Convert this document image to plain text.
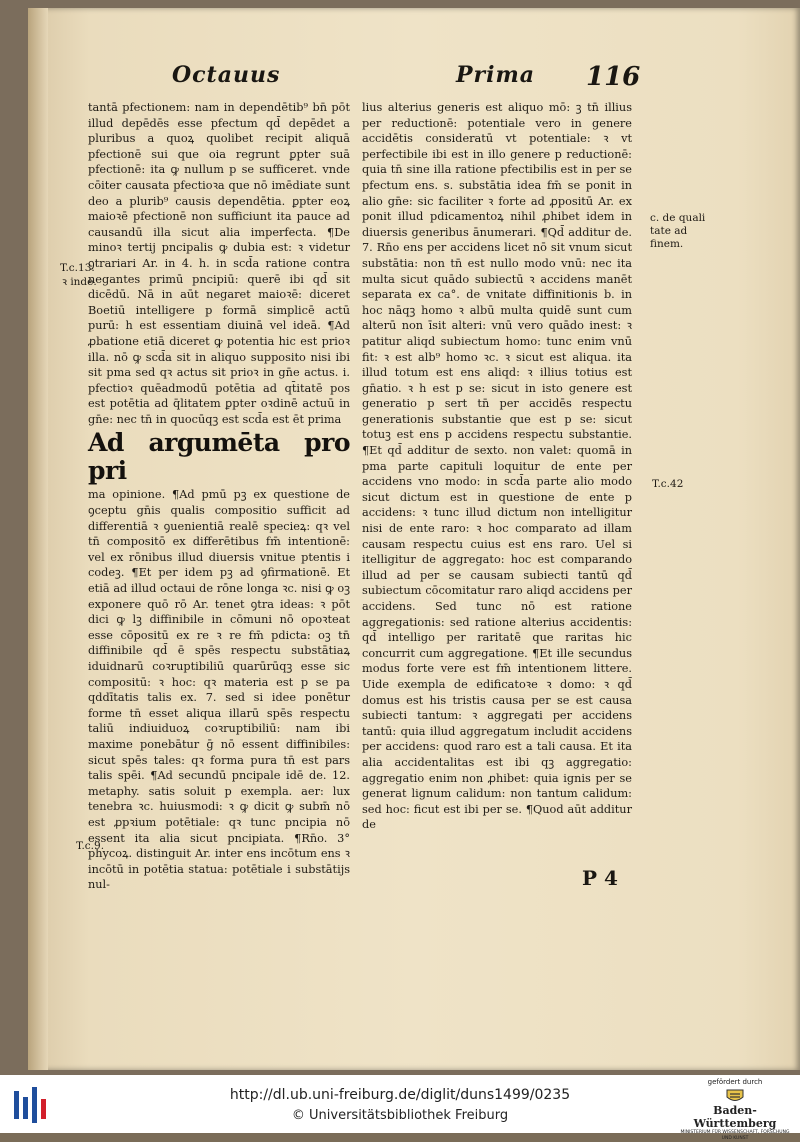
Octauus	Prima 116

tantā pfectionem: nam in dependētib⁹ bn̄ pōt illud depēdēs esse pfectum qd̄ depēdet a pluribus a quoꝝ quolibet recipit aliquā pfectionē sui que oia regrunt ꝑpter suā pfectionē: ita ꝙ nullum p se sufficeret. vnde cōiter causata pfectioꝛa que nō imēdiate sunt deo a plurib⁹ causis dependētia. ꝑpter eoꝝ maioꝛē pfectionē non sufficiunt ita pauce ad causandū illa sicut alia imperfecta. ¶De minoꝛ tertij pncipalis ꝙ dubia est: ꝛ videtur ꝯtrariari Ar. in 4. h. in scd̄a ratione contra negantes primū pncipiū: querē ibi qd̄ sit dicēdū. Nā in aūt negaret maioꝛē: diceret Boetiū intelligere p formā simplicē actū purū: h est essentiam diuinā vel ideā. ¶Ad ꝓbatione etiā diceret ꝙ potentia hic est prioꝛ illa. nō ꝙ scd̄a sit in aliquo supposito nisi ibi sit pma sed qꝛ actus sit prioꝛ in gn̄e actus. i. pfectioꝛ quēadmodū potētia ad qt̄itatē pos est potētia ad q̄litatem ꝑpter oꝛdinē actuū in gn̄e: nec tn̄ in quocūqꝫ est scd̄a est ēt prima

Ad argumēta pro pri

ma opinione. ¶Ad pmū pꝫ ex questione de ꝯceptu gn̄is qualis compositio sufficit ad differentiā ꝛ ꝯuenientiā realē specieꝝ: qꝛ vel tn̄ compositō ex differētibus fm̄ intentionē: vel ex rōnibus illud diuersis vnitue ptentis i codeꝫ. ¶Et per idem pꝫ ad ꝯfirmationē. Et etiā ad illud octaui de rōne longa ꝛc. nisi ꝙ oꝫ exponere quō rō Ar. tenet ꝯtra ideas: ꝛ pōt dici ꝙ lꝫ diffinibile in cōmuni nō opoꝛteat esse cōpositū ex re ꝛ re fm̄ pdicta: oꝫ tn̄ diffinibile qd̄ ē spēs respectu substātiaꝝ iduidnarū coꝛruptibiliū quarūrūqꝫ esse sic compositū: ꝛ hoc: qꝛ materia est p se pa qddītatis talis ex. 7. sed si idee ponētur forme tn̄ esset aliqua illarū spēs respectu taliū indiuiduoꝝ coꝛruptibiliū: nam ibi maxime ponebātur ḡ nō essent diffinibiles: sicut spēs tales: qꝛ forma pura tn̄ est pars talis spēi. ¶Ad secundū pncipale idē de. 12. metaphy. satis soluit p exempla. aer: lux tenebra ꝛc. huiusmodi: ꝛ ꝙ dicit ꝙ subm̄ nō est ꝓpꝛium potētiale: qꝛ tunc pncipia nō essent ita alia sicut pncipiata. ¶Rn̄o. 3° phycoꝝ. distinguit Ar. inter ens incōtum ens ꝛ incōtū in potētia statua: potētiale i substātijs nul-

lius alterius generis est aliquo mō: ꝫ tn̄ illius per reductionē: potentiale vero in genere accidētis consideratū vt potentiale: ꝛ vt perfectibile ibi est in illo genere p reductionē: quia tn̄ sine illa ratione pfectibilis est in per se pfectum ens. s. substātia idea fm̄ se ponit in alio gn̄e: sic faciliter ꝛ forte ad ꝓpositū Ar. ex ponit illud pdicamentoꝝ nihil ꝓhibet idem in diuersis generibus ānumerari. ¶Qd̄ additur de. 7. Rn̄o ens per accidens licet nō sit vnum sicut substātia: non tn̄ est nullo modo vnū: nec ita multa sicut quādo subiectū ꝛ accidens manēt separata ex ca°. de vnitate diffinitionis b. in hoc nāqꝫ homo ꝛ albū multa quidē sunt cum alterū non īsit alteri: vnū vero quādo inest: ꝛ patitur aliqd subiectum homo: tunc enim vnū fit: ꝛ est alb⁹ homo ꝛc. ꝛ sicut est aliqua. ita illud totum est ens aliqd: ꝛ illius totius est gn̄atio. ꝛ h est p se: sicut in isto genere est generatio p sert tn̄ per accidēs respectu generationis substantie que est p se: sicut totuꝫ est ens p accidens respectu substantie. ¶Et qd̄ additur de sexto. non valet: quomā in pma parte capituli loquitur de ente per accidens vno modo: in scd̄a parte alio modo sicut dictum est in questione de ente p accidens: ꝛ tunc illud dictum non intelligitur nisi de ente raro: ꝛ hoc comparato ad illam causam respectu cuius est ens raro. Uel si itelligitur de aggregato: hoc est comparando illud ad per se causam subiecti tantū qd̄ subiectum cōcomitatur raro aliqd accidens per accidens. Sed tunc nō est ratione aggregationis: sed ratione alterius accidentis: qd̄ intelligo per raritatē que raritas hic concurrit cum aggregatione. ¶Et ille secundus modus forte vere est fm̄ intentionem littere. Uide exempla de edificatoꝛe ꝛ domo: ꝛ qd̄ domus est his tristis causa per se est causa subiecti tantum: ꝛ aggregati per accidens tantū: quia illud aggregatum includit accidens per accidens: quod raro est a tali causa. Et ita alia accidentalitas est ibi qꝫ aggregatio: aggregatio enim non ꝓhibet: quia ignis per se generat lignum calidum: non tantum calidum: sed hoc: ficut est ibi per se. ¶Quod aūt additur de

T.c.13.
ꝛ inde.
T.c.9.
c. de quali tate ad finem.
T.c.42
P 4
http://dl.ub.uni-freiburg.de/diglit/duns1499/0235
© Universitätsbibliothek Freiburg
gefördert durch
Baden-Württemberg
MINISTERIUM FÜR WISSENSCHAFT, FORSCHUNG UND KUNST
